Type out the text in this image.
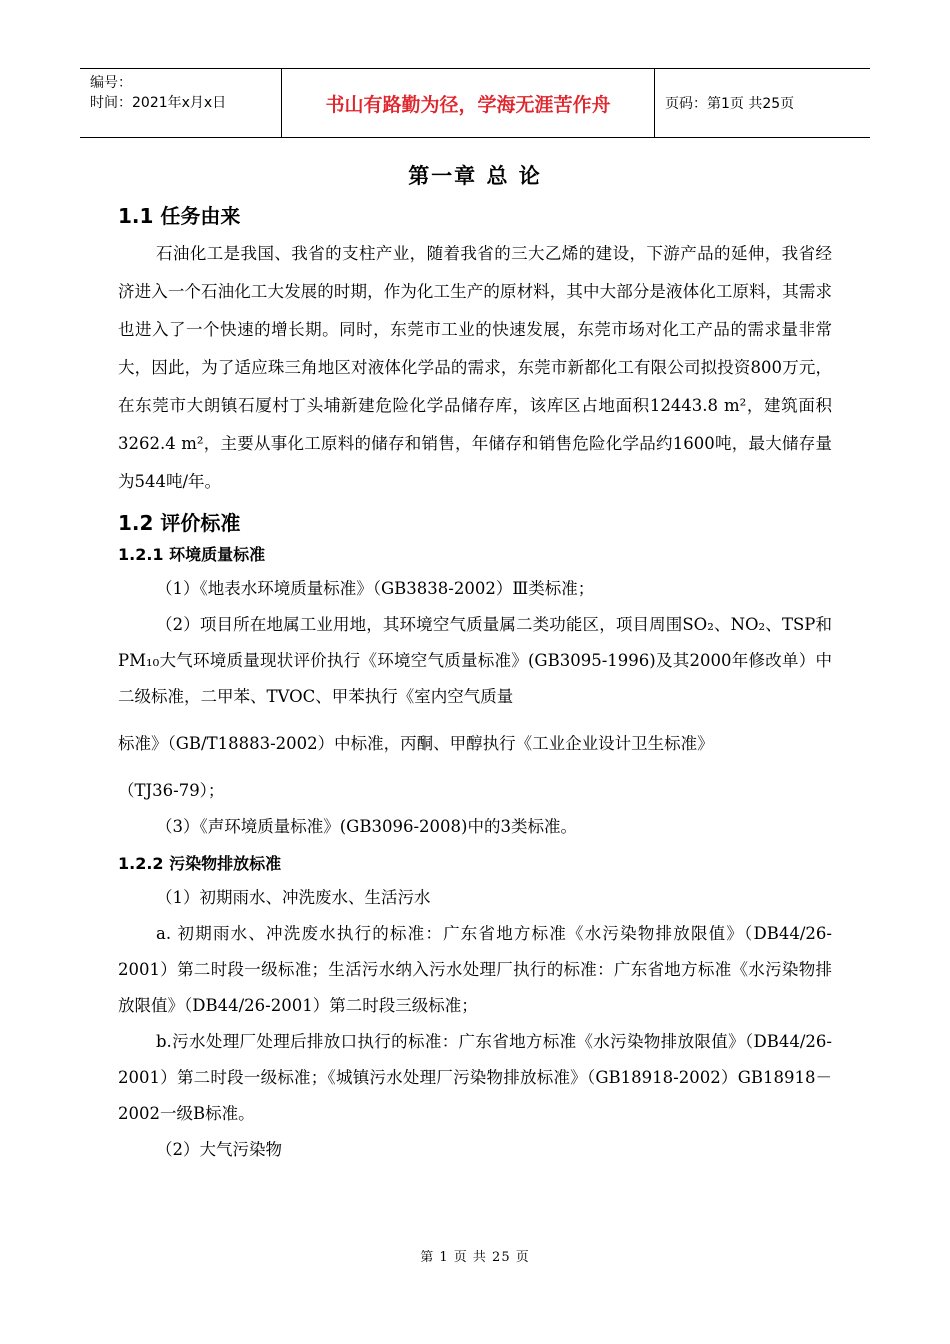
编号：
时间：2021年x月x日	书山有路勤为径，学海无涯苦作舟	页码：第1页 共25页
第一章 总 论
1.1 任务由来

石油化工是我国、我省的支柱产业，随着我省的三大乙烯的建设，下游产品的延伸，我省经济进入一个石油化工大发展的时期，作为化工生产的原材料，其中大部分是液体化工原料，其需求也进入了一个快速的增长期。同时，东莞市工业的快速发展，东莞市场对化工产品的需求量非常大，因此，为了适应珠三角地区对液体化学品的需求，东莞市新都化工有限公司拟投资800万元，在东莞市大朗镇石厦村丁头埔新建危险化学品储存库，该库区占地面积12443.8 m²，建筑面积3262.4 m²，主要从事化工原料的储存和销售，年储存和销售危险化学品约1600吨，最大储存量为544吨/年。

1.2 评价标准
1.2.1 环境质量标准

（1）《地表水环境质量标准》（GB3838-2002）Ⅲ类标准；

（2）项目所在地属工业用地，其环境空气质量属二类功能区，项目周围SO₂、NO₂、TSP和PM₁₀大气环境质量现状评价执行《环境空气质量标准》(GB3095-1996)及其2000年修改单）中二级标准，二甲苯、TVOC、甲苯执行《室内空气质量

标准》（GB/T18883-2002）中标准，丙酮、甲醇执行《工业企业设计卫生标准》

（TJ36-79）；

（3）《声环境质量标准》(GB3096-2008)中的3类标准。

1.2.2 污染物排放标准

（1）初期雨水、冲洗废水、生活污水

a. 初期雨水、冲洗废水执行的标准：广东省地方标准《水污染物排放限值》（DB44/26-2001）第二时段一级标准；生活污水纳入污水处理厂执行的标准：广东省地方标准《水污染物排放限值》（DB44/26-2001）第二时段三级标准；

b.污水处理厂处理后排放口执行的标准：广东省地方标准《水污染物排放限值》（DB44/26-2001）第二时段一级标准；《城镇污水处理厂污染物排放标准》（GB18918-2002）GB18918－2002一级B标准。

（2）大气污染物

第 1 页 共 25 页
